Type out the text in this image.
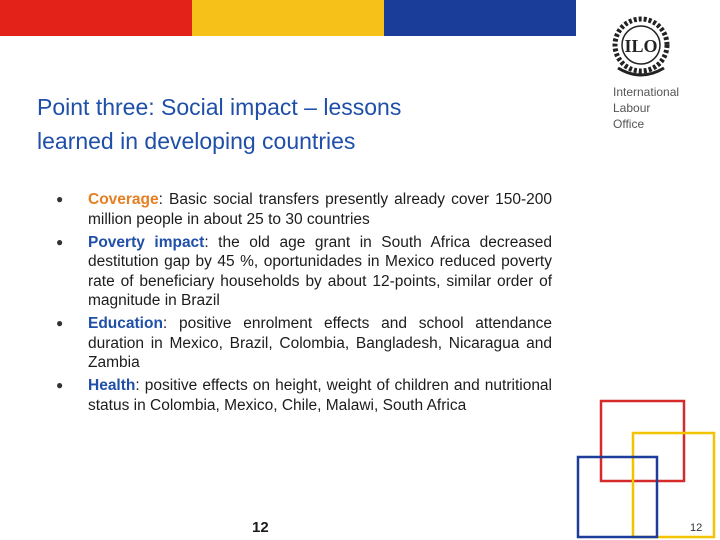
Point three: Social impact – lessons
learned in developing countries
ILO
International
Labour
Office
● Coverage: Basic social transfers presently already cover 150-200 million people in about 25 to 30 countries
● Poverty impact: the old age grant in South Africa decreased destitution gap by 45 %, oportunidades in Mexico reduced poverty rate of beneficiary households by about 12-points, similar order of magnitude in Brazil
● Education: positive enrolment effects and school attendance duration in Mexico, Brazil, Colombia, Bangladesh, Nicaragua and Zambia
● Health: positive effects on height, weight of children and nutritional status in Colombia, Mexico, Chile, Malawi, South Africa
12	12
